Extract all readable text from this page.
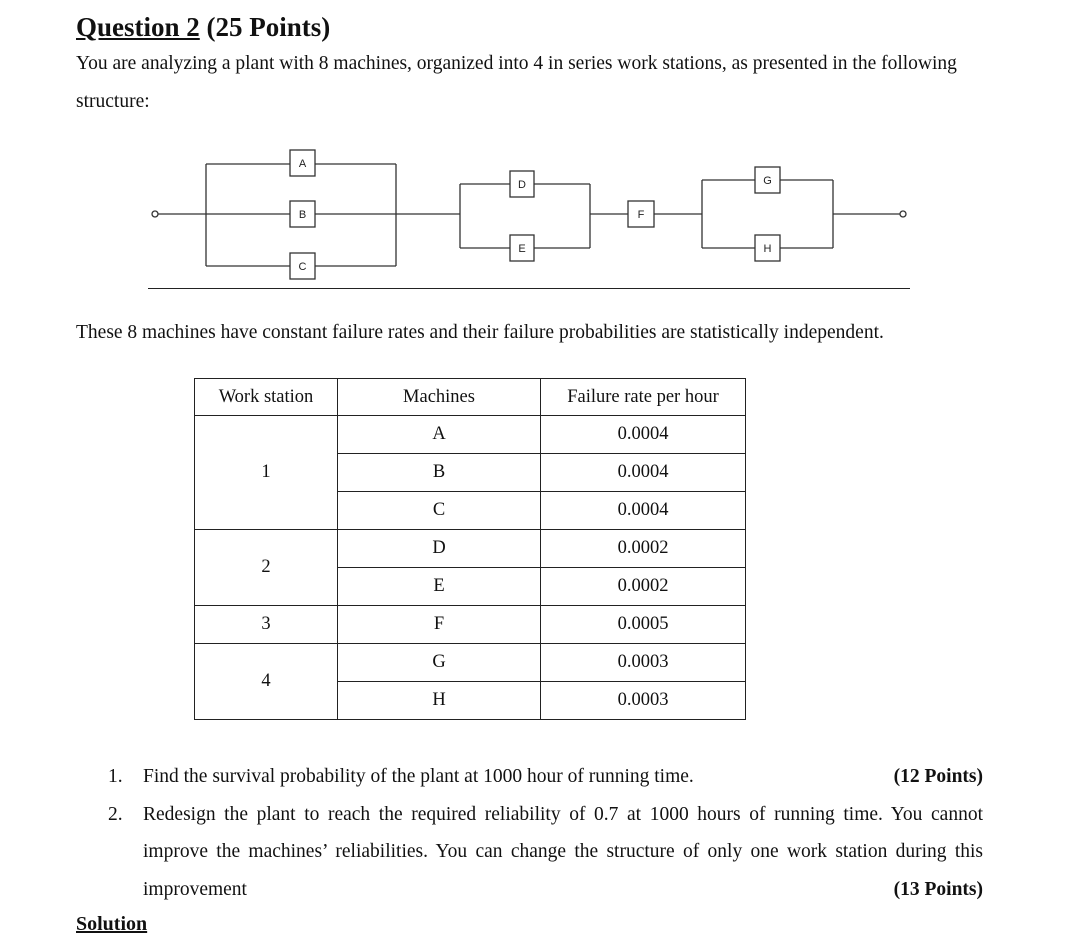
Question 2 (25 Points)

You are analyzing a plant with 8 machines, organized into 4 in series work stations, as presented in the following structure:

A
B
C
D
E
F
G
H

These 8 machines have constant failure rates and their failure probabilities are statistically independent.

Work station	Machines	Failure rate per hour
1	A	0.0004
	B	0.0004
	C	0.0004
2	D	0.0002
	E	0.0002
3	F	0.0005
4	G	0.0003
	H	0.0003
1. Find the survival probability of the plant at 1000 hour of running time.	(12 Points)
2. Redesign the plant to reach the required reliability of 0.7 at 1000 hours of running time. You cannot improve the machines’ reliabilities. You can change the structure of only one work station during this improvement	(13 Points)

Solution
